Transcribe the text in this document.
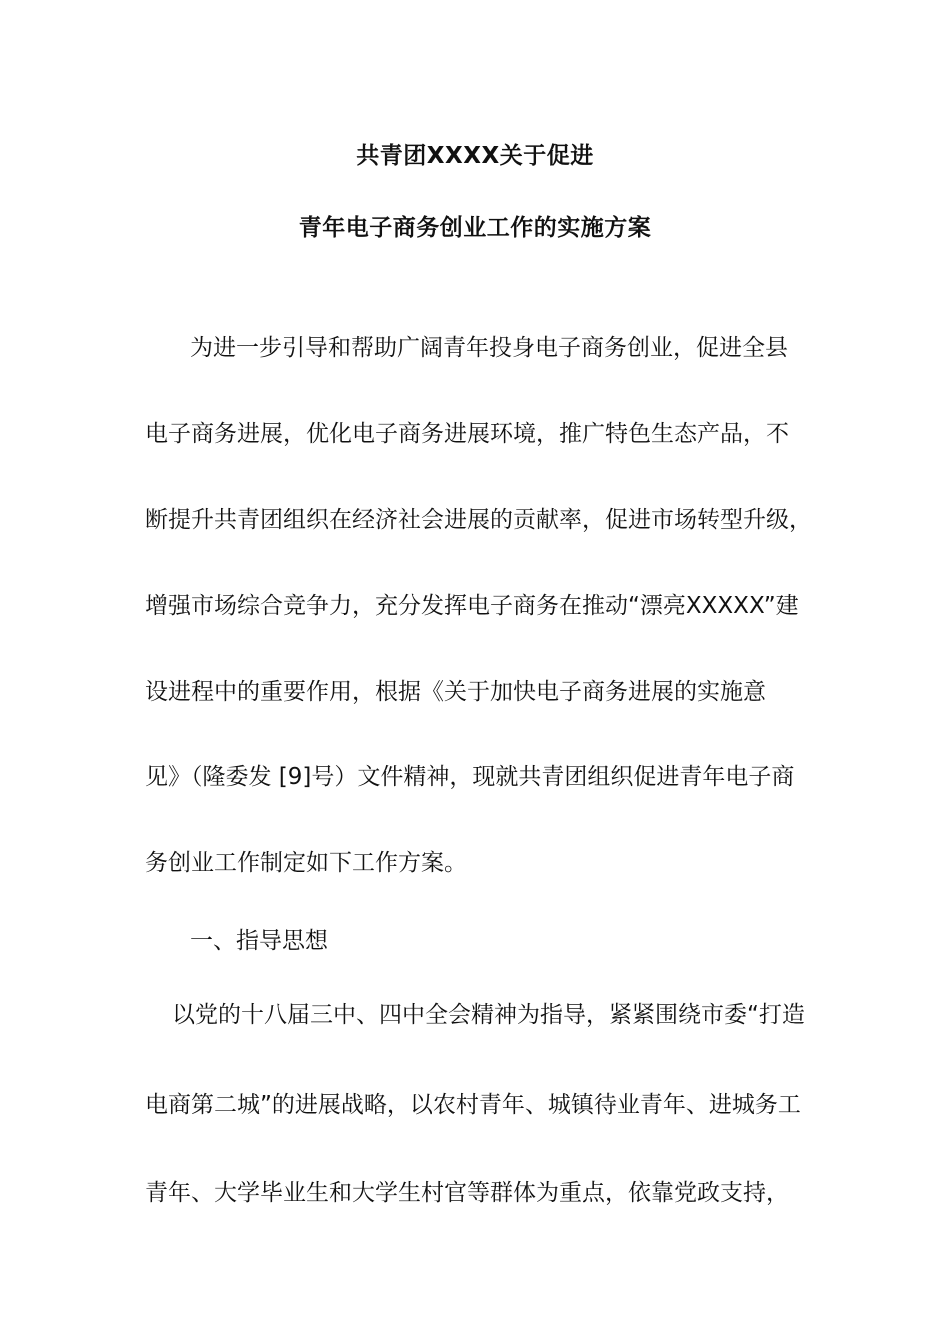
共青团XXXX关于促进
青年电子商务创业工作的实施方案
为进一步引导和帮助广阔青年投身电子商务创业，促进全县
电子商务进展，优化电子商务进展环境，推广特色生态产品，不
断提升共青团组织在经济社会进展的贡献率，促进市场转型升级，
增强市场综合竞争力，充分发挥电子商务在推动“漂亮XXXXX”建
设进程中的重要作用，根据《关于加快电子商务进展的实施意
见》（隆委发 [9]号）文件精神，现就共青团组织促进青年电子商
务创业工作制定如下工作方案。
一、指导思想
以党的十八届三中、四中全会精神为指导，紧紧围绕市委“打造
电商第二城”的进展战略，以农村青年、城镇待业青年、进城务工
青年、大学毕业生和大学生村官等群体为重点，依靠党政支持，
